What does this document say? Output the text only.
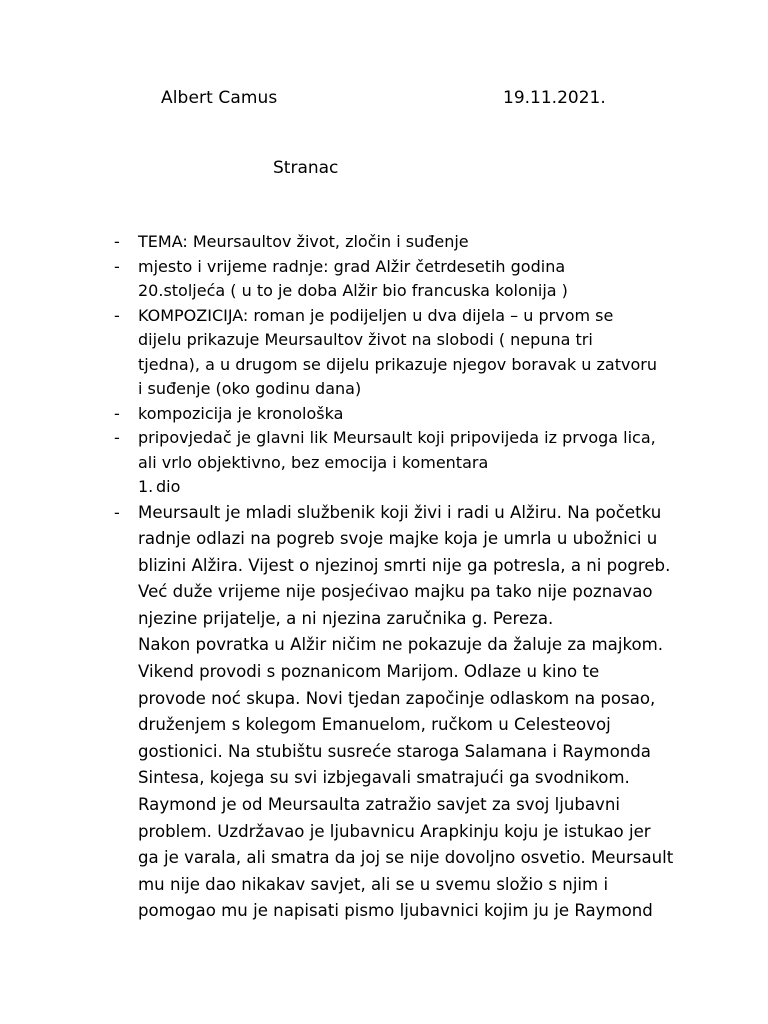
Albert Camus	19.11.2021.
Stranac
- TEMA: Meursaultov život, zločin i suđenje
- mjesto i vrijeme radnje: grad Alžir četrdesetih godina
20.stoljeća ( u to je doba Alžir bio francuska kolonija )
- KOMPOZICIJA: roman je podijeljen u dva dijela – u prvom se
dijelu prikazuje Meursaultov život na slobodi ( nepuna tri
tjedna), a u drugom se dijelu prikazuje njegov boravak u zatvoru
i suđenje (oko godinu dana)
- kompozicija je kronološka
- pripovjedač je glavni lik Meursault koji pripovijeda iz prvoga lica,
ali vrlo objektivno, bez emocija i komentara
1. dio
- Meursault je mladi službenik koji živi i radi u Alžiru. Na početku
radnje odlazi na pogreb svoje majke koja je umrla u ubožnici u
blizini Alžira. Vijest o njezinoj smrti nije ga potresla, a ni pogreb.
Već duže vrijeme nije posjećivao majku pa tako nije poznavao
njezine prijatelje, a ni njezina zaručnika g. Pereza.
Nakon povratka u Alžir ničim ne pokazuje da žaluje za majkom.
Vikend provodi s poznanicom Marijom. Odlaze u kino te
provode noć skupa. Novi tjedan započinje odlaskom na posao,
druženjem s kolegom Emanuelom, ručkom u Celesteovoj
gostionici. Na stubištu susreće staroga Salamana i Raymonda
Sintesa, kojega su svi izbjegavali smatrajući ga svodnikom.
Raymond je od Meursaulta zatražio savjet za svoj ljubavni
problem. Uzdržavao je ljubavnicu Arapkinju koju je istukao jer
ga je varala, ali smatra da joj se nije dovoljno osvetio. Meursault
mu nije dao nikakav savjet, ali se u svemu složio s njim i
pomogao mu je napisati pismo ljubavnici kojim ju je Raymond
